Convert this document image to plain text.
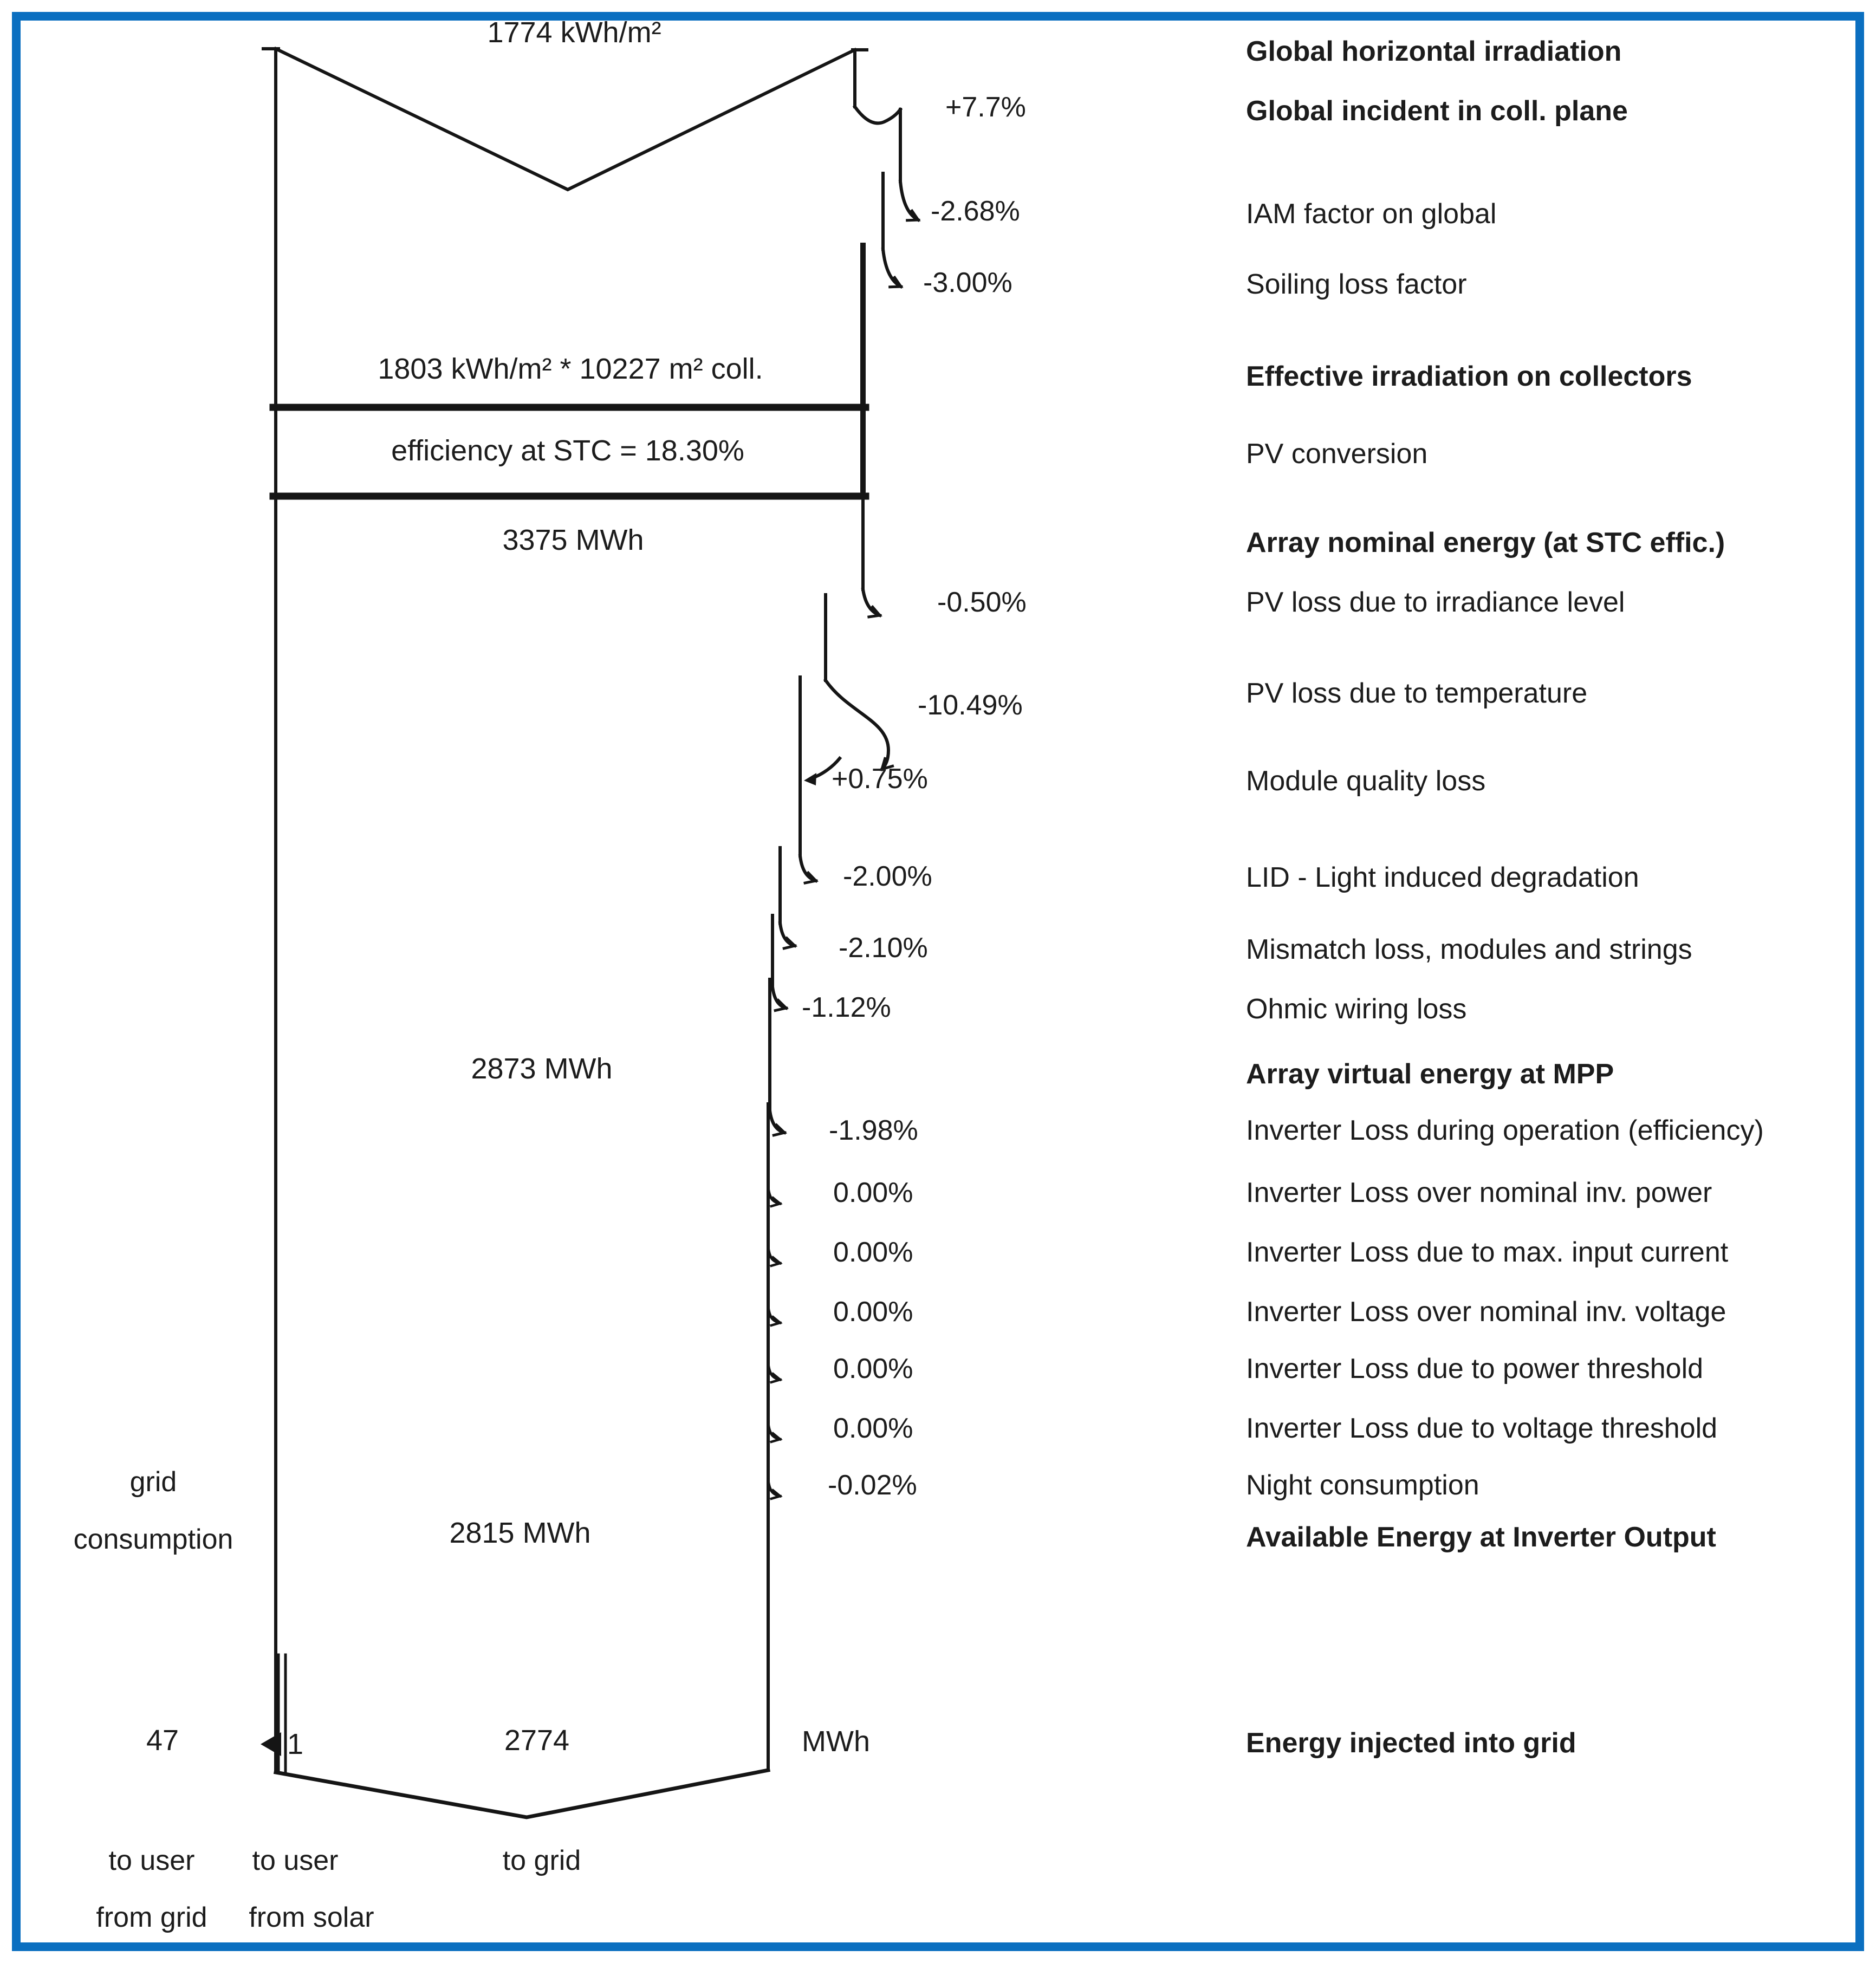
1774 kWh/m²
1803 kWh/m² * 10227 m² coll.
efficiency at STC = 18.30%
3375 MWh
2873 MWh
2815 MWh
2774	MWh
+7.7%
-2.68%
-3.00%
-0.50%
-10.49%
+0.75%
-2.00%
-2.10%
-1.12%
-1.98%
0.00%
0.00%
0.00%
0.00%
0.00%
-0.02%
Global horizontal irradiation
Global incident in coll. plane
IAM factor on global
Soiling loss factor
Effective irradiation on collectors
PV conversion
Array nominal energy (at STC effic.)
PV loss due to irradiance level
PV loss due to temperature
Module quality loss
LID - Light induced degradation
Mismatch loss, modules and strings
Ohmic wiring loss
Array virtual energy at MPP
Inverter Loss during operation (efficiency)
Inverter Loss over nominal inv. power
Inverter Loss due to max. input current
Inverter Loss over nominal inv. voltage
Inverter Loss due to power threshold
Inverter Loss due to voltage threshold
Night consumption
Available Energy at Inverter Output
Energy injected into grid
grid
consumption
47	1
to user
from grid
to user
from solar
to grid
